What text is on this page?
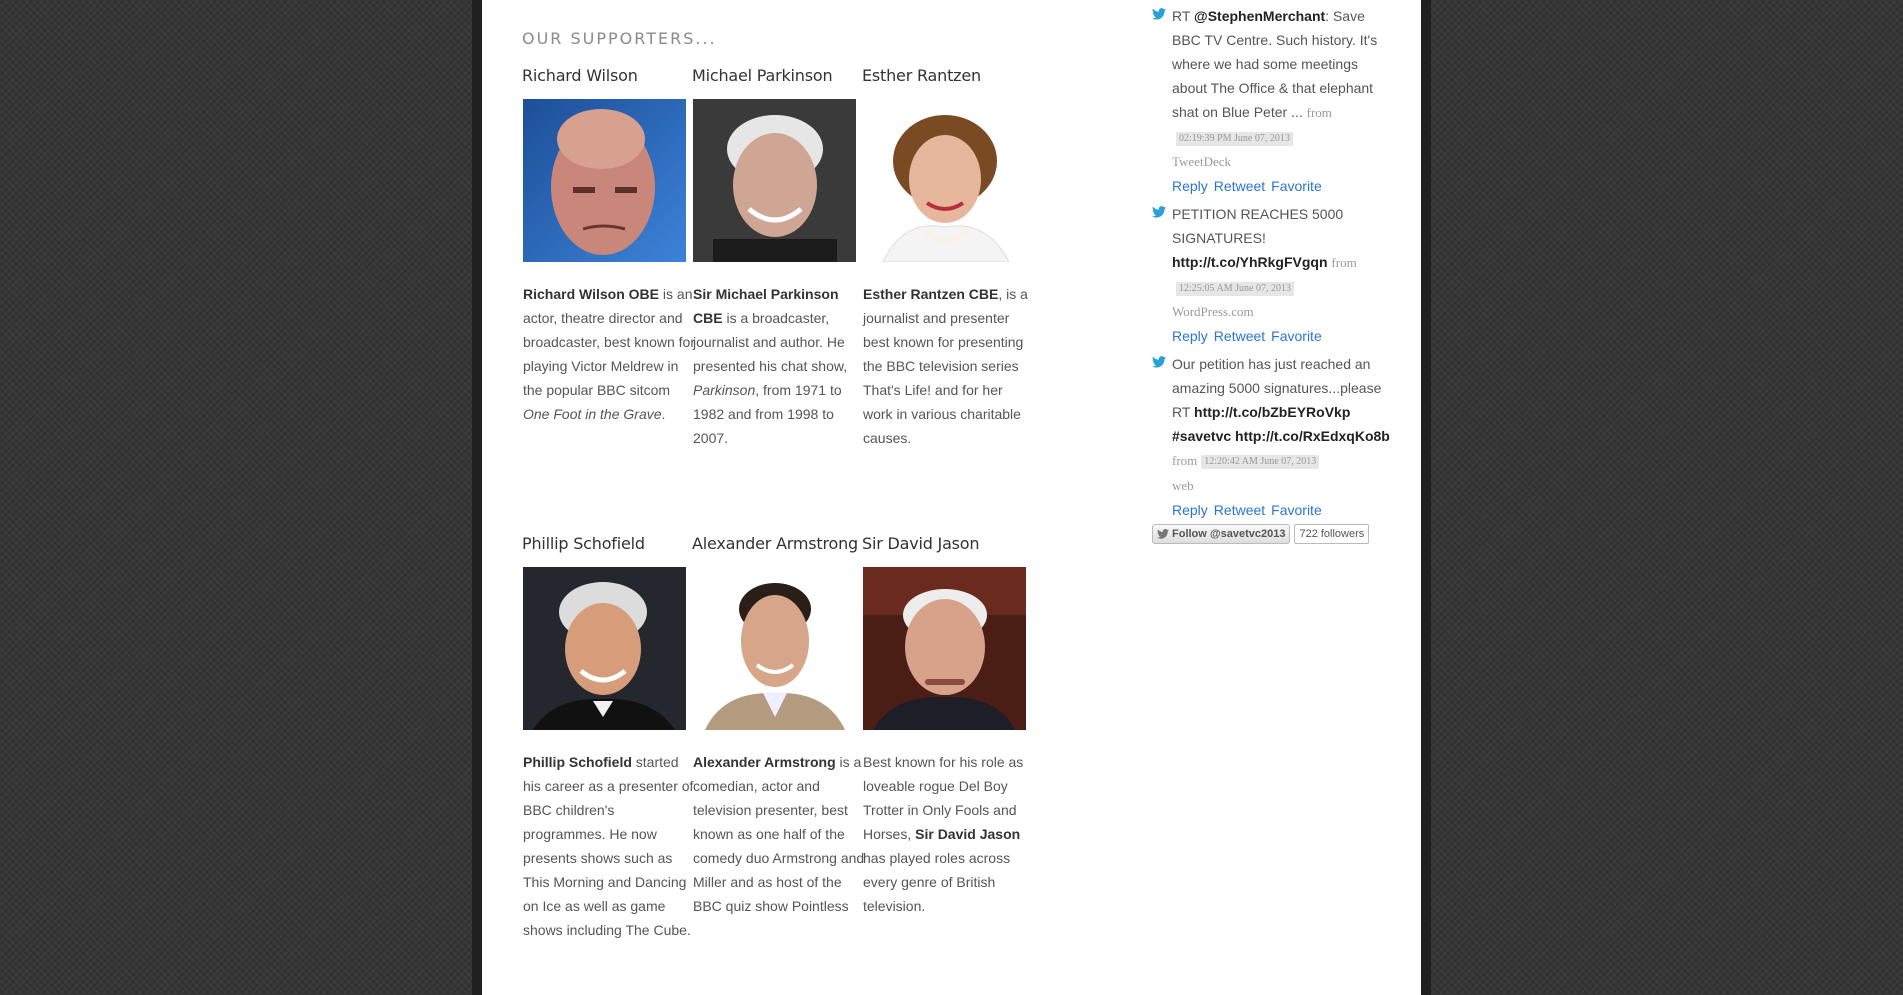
OUR SUPPORTERS...
Richard Wilson

Richard Wilson OBE is an actor, theatre director and broadcaster, best known for playing Victor Meldrew in the popular BBC sitcom One Foot in the Grave.

Michael Parkinson

Sir Michael Parkinson CBE is a broadcaster, journalist and author. He presented his chat show, Parkinson, from 1971 to 1982 and from 1998 to 2007.

Esther Rantzen

Esther Rantzen CBE, is a journalist and presenter best known for presenting the BBC television series That's Life! and for her work in various charitable causes.

Phillip Schofield

Phillip Schofield started his career as a presenter of BBC children's programmes. He now presents shows such as This Morning and Dancing on Ice as well as game shows including The Cube.

Alexander Armstrong

Alexander Armstrong is a comedian, actor and television presenter, best known as one half of the comedy duo Armstrong and Miller and as host of the BBC quiz show Pointless

Sir David Jason

Best known for his role as loveable rogue Del Boy Trotter in Only Fools and Horses, Sir David Jason has played roles across every genre of British television.

RT @StephenMerchant: Save BBC TV Centre. Such history. It's where we had some meetings about The Office & that elephant shat on Blue Peter ... from02:19:39 PM June 07, 2013
TweetDeck
Reply Retweet Favorite
PETITION REACHES 5000 SIGNATURES! http://t.co/YhRkgFVgqn from12:25:05 AM June 07, 2013
WordPress.com
Reply Retweet Favorite
Our petition has just reached an amazing 5000 signatures...please RT http://t.co/bZbEYRoVkp #savetvc http://t.co/RxEdxqKo8b from 12:20:42 AM June 07, 2013
web
Reply Retweet Favorite
Follow @savetvc2013	722 followers
